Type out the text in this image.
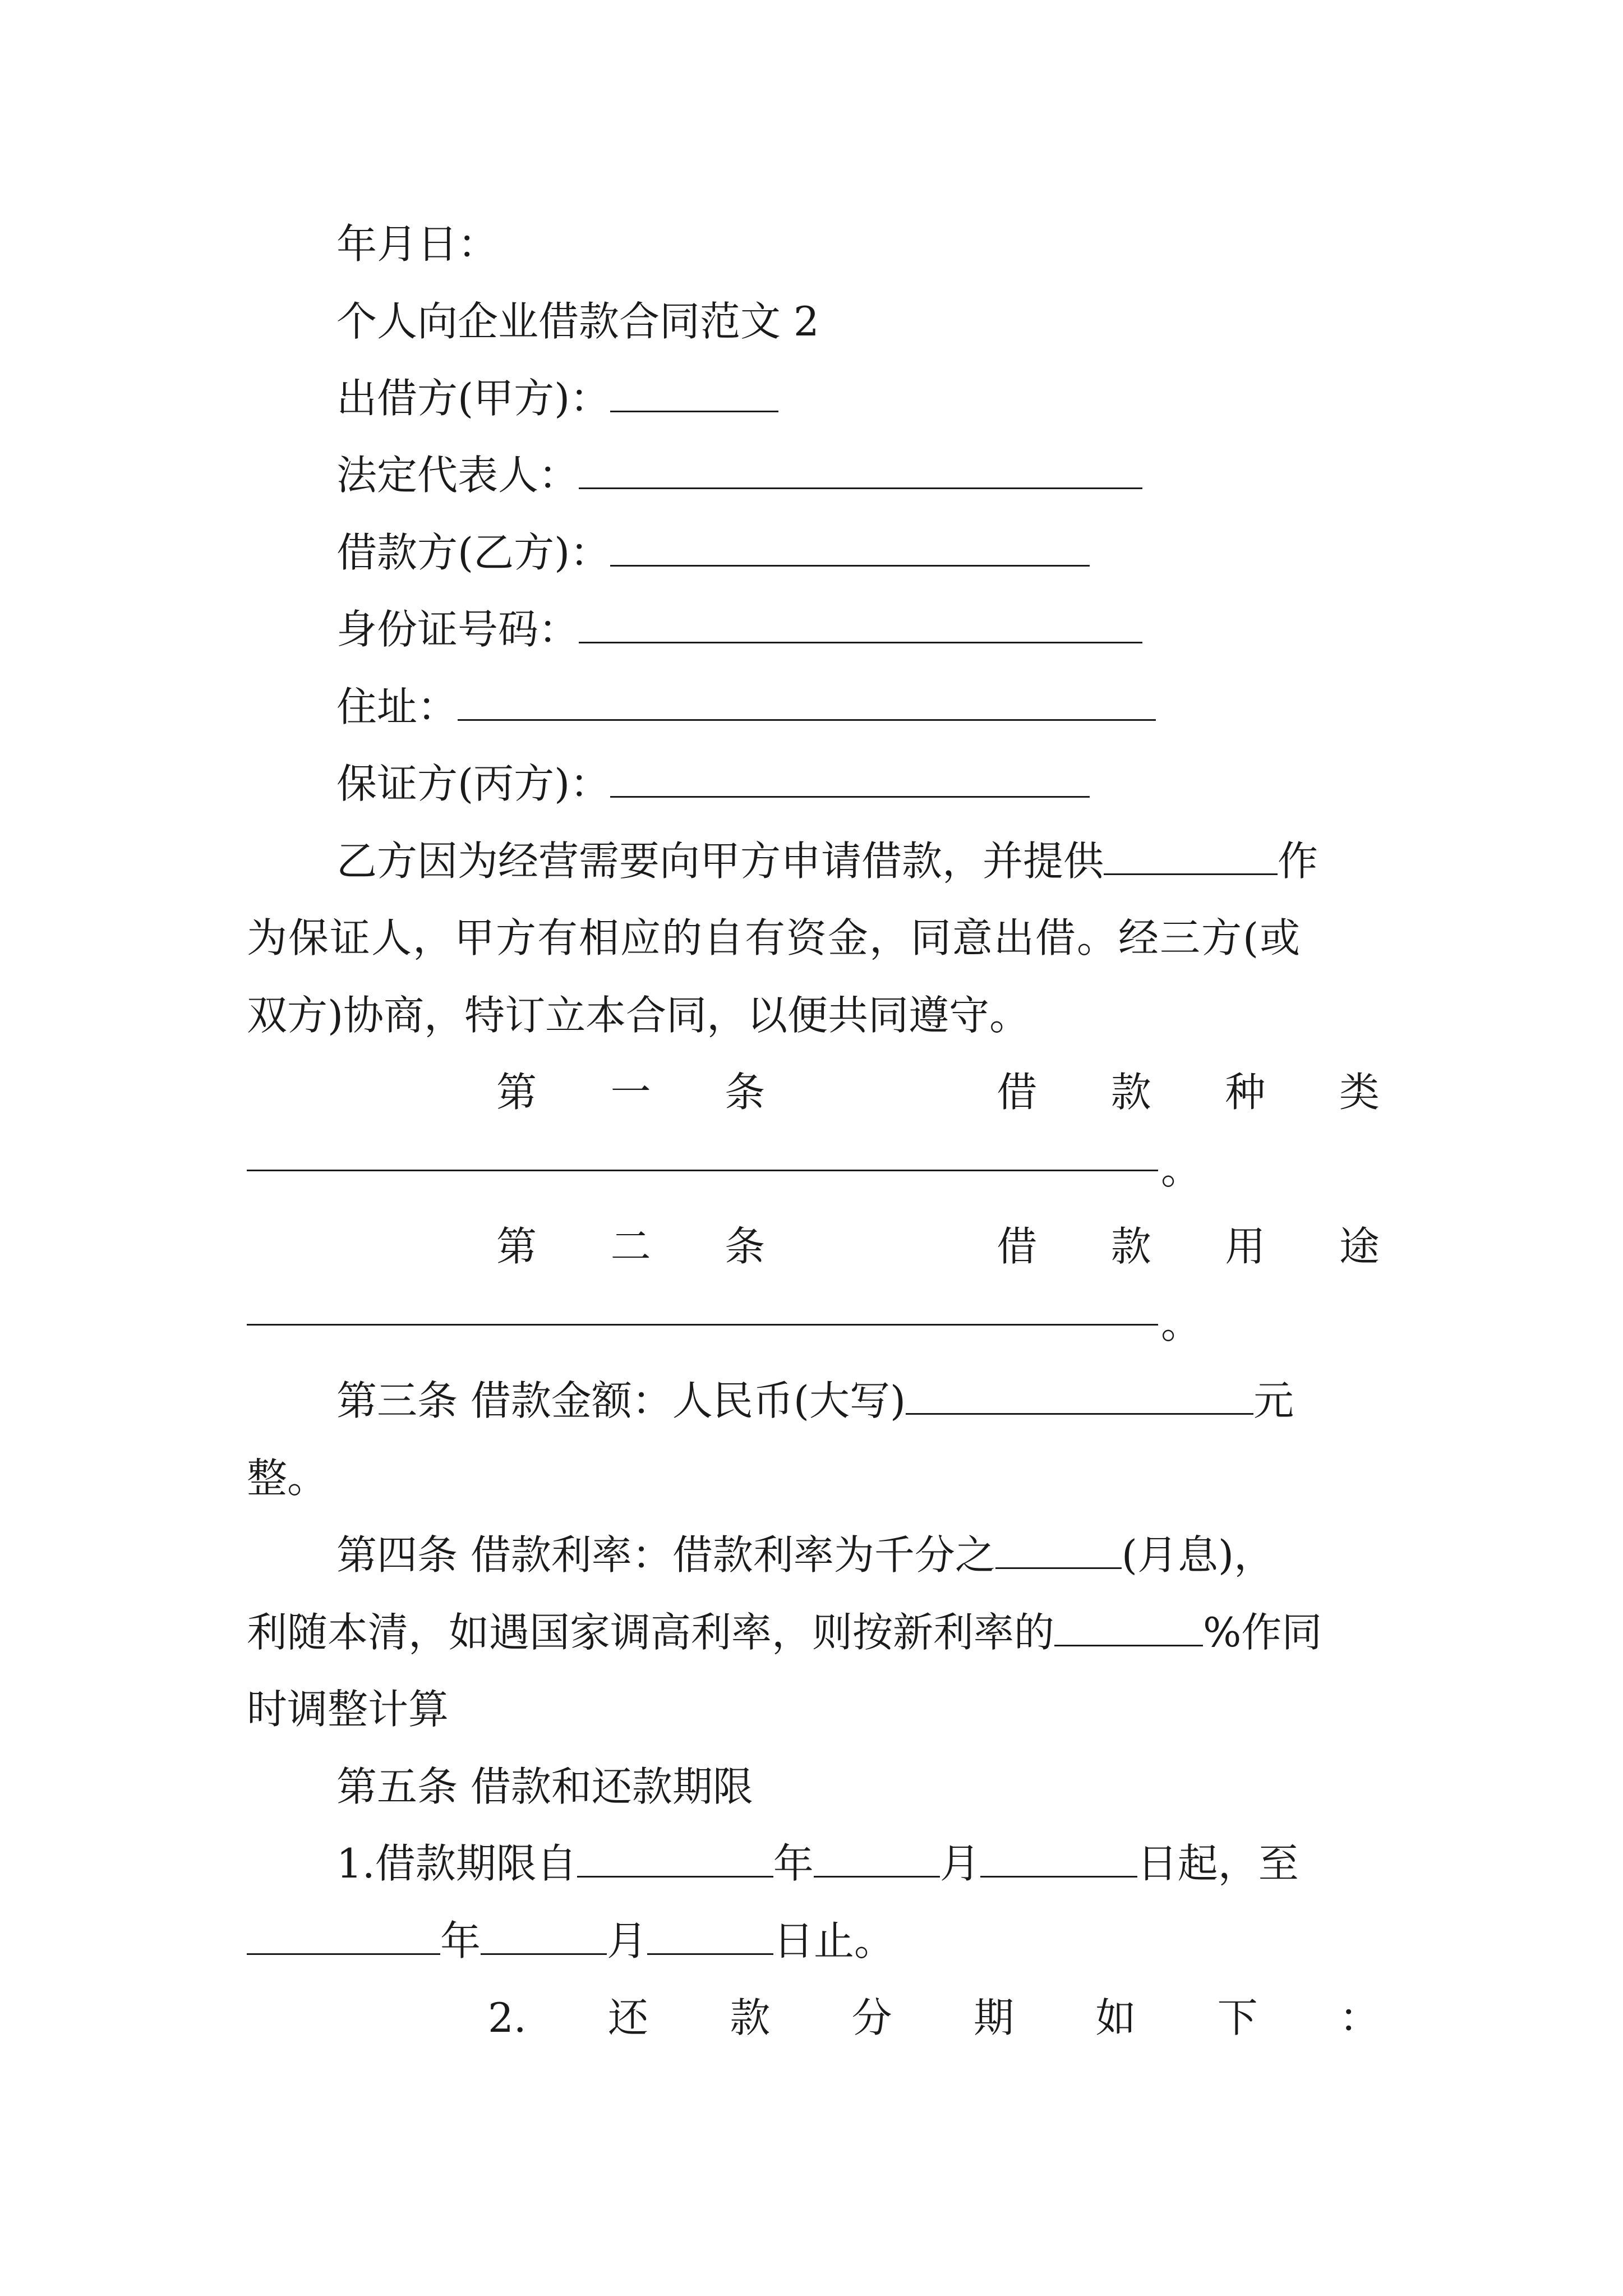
年月日：
个人向企业借款合同范文 2
出借方(甲方)：
法定代表人：
借款方(乙方)：
身份证号码：
住址：
保证方(丙方)：
乙方因为经营需要向甲方申请借款，并提供	作
为保证人，甲方有相应的自有资金，同意出借。经三方(或
双方)协商，特订立本合同，以便共同遵守。
第 一 条	借 款 种 类
。
第 二 条	借 款 用 途
。
第三条 借款金额：人民币(大写)	元
整。
第四条 借款利率：借款利率为千分之	(月息)，
利随本清，如遇国家调高利率，则按新利率的	%作同
时调整计算
第五条 借款和还款期限
1.借款期限自	年	月	日起，至
年	月	日止。
2. 还 款 分 期 如 下 ：
